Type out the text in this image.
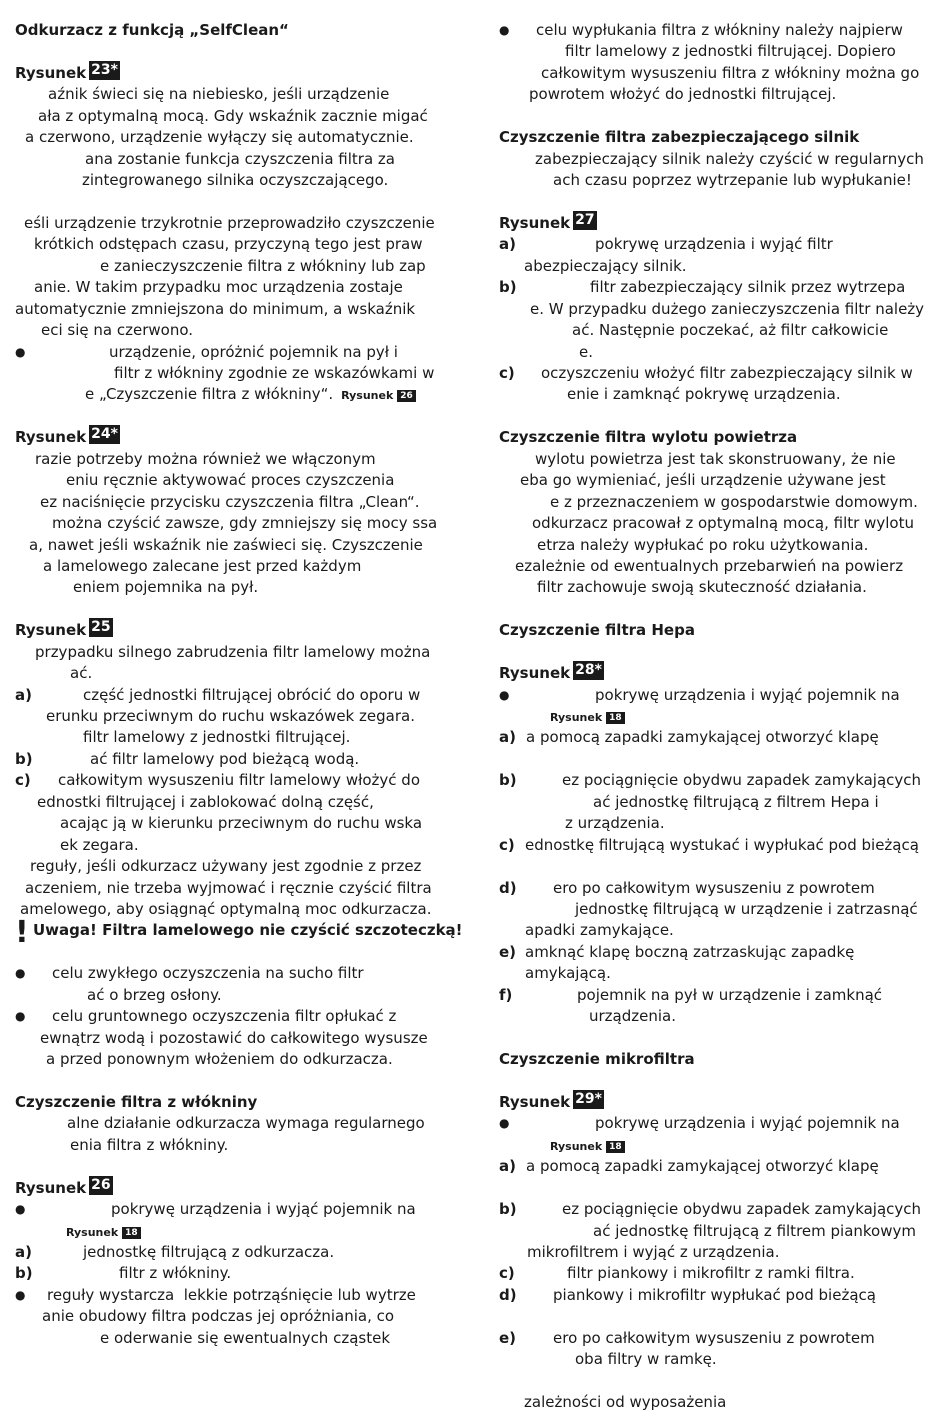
Odkurzacz z funkcją „SelfClean“
Rysunek 23*
aźnik świeci się na niebiesko, jeśli urządzenie
ała z optymalną mocą. Gdy wskaźnik zacznie migać
a czerwono, urządzenie wyłączy się automatycznie.
ana zostanie funkcja czyszczenia filtra za
zintegrowanego silnika oczyszczającego.
eśli urządzenie trzykrotnie przeprowadziło czyszczenie
krótkich odstępach czasu, przyczyną tego jest praw
e zanieczyszczenie filtra z włókniny lub zap
anie. W takim przypadku moc urządzenia zostaje
automatycznie zmniejszona do minimum, a wskaźnik
eci się na czerwono.
●	urządzenie, opróżnić pojemnik na pył i
filtr z włókniny zgodnie ze wskazówkami w
e „Czyszczenie filtra z włókniny“. Rysunek 26
Rysunek 24*
razie potrzeby można również we włączonym
eniu ręcznie aktywować proces czyszczenia
ez naciśnięcie przycisku czyszczenia filtra „Clean“.
można czyścić zawsze, gdy zmniejszy się mocy ssa
a, nawet jeśli wskaźnik nie zaświeci się. Czyszczenie
a lamelowego zalecane jest przed każdym
eniem pojemnika na pył.
Rysunek 25
przypadku silnego zabrudzenia filtr lamelowy można
ać.
a)	część jednostki filtrującej obrócić do oporu w
erunku przeciwnym do ruchu wskazówek zegara.
filtr lamelowy z jednostki filtrującej.
b)	ać filtr lamelowy pod bieżącą wodą.
c) całkowitym wysuszeniu filtr lamelowy włożyć do
ednostki filtrującej i zablokować dolną część,
acając ją w kierunku przeciwnym do ruchu wska
ek zegara.
reguły, jeśli odkurzacz używany jest zgodnie z przez
aczeniem, nie trzeba wyjmować i ręcznie czyścić filtra
amelowego, aby osiągnąć optymalną moc odkurzacza.
! Uwaga! Filtra lamelowego nie czyścić szczoteczką!
● celu zwykłego oczyszczenia na sucho filtr
ać o brzeg osłony.
● celu gruntownego oczyszczenia filtr opłukać z
ewnątrz wodą i pozostawić do całkowitego wysusze
a przed ponownym włożeniem do odkurzacza.
Czyszczenie filtra z włókniny
alne działanie odkurzacza wymaga regularnego
enia filtra z włókniny.
Rysunek 26
●	pokrywę urządzenia i wyjąć pojemnik na
Rysunek 18
a)	jednostkę filtrującą z odkurzacza.
b)	filtr z włókniny.
● reguły wystarcza  lekkie potrząśnięcie lub wytrze
anie obudowy filtra podczas jej opróżniania, co
e oderwanie się ewentualnych cząstek
● celu wypłukania filtra z włókniny należy najpierw
filtr lamelowy z jednostki filtrującej. Dopiero
całkowitym wysuszeniu filtra z włókniny można go
powrotem włożyć do jednostki filtrującej.
Czyszczenie filtra zabezpieczającego silnik
zabezpieczający silnik należy czyścić w regularnych
ach czasu poprzez wytrzepanie lub wypłukanie!
Rysunek 27
a)	pokrywę urządzenia i wyjąć filtr
abezpieczający silnik.
b)	filtr zabezpieczający silnik przez wytrzepa
e. W przypadku dużego zanieczyszczenia filtr należy
ać. Następnie poczekać, aż filtr całkowicie
e.
c) oczyszczeniu włożyć filtr zabezpieczający silnik w
enie i zamknąć pokrywę urządzenia.
Czyszczenie filtra wylotu powietrza
wylotu powietrza jest tak skonstruowany, że nie
eba go wymieniać, jeśli urządzenie używane jest
e z przeznaczeniem w gospodarstwie domowym.
odkurzacz pracował z optymalną mocą, filtr wylotu
etrza należy wypłukać po roku użytkowania.
ezależnie od ewentualnych przebarwień na powierz
filtr zachowuje swoją skuteczność działania.
Czyszczenie filtra Hepa
Rysunek 28*
●	pokrywę urządzenia i wyjąć pojemnik na
Rysunek 18
a) a pomocą zapadki zamykającej otworzyć klapę
b)	ez pociągnięcie obydwu zapadek zamykających
ać jednostkę filtrującą z filtrem Hepa i
z urządzenia.
c) ednostkę filtrującą wystukać i wypłukać pod bieżącą
d) ero po całkowitym wysuszeniu z powrotem
jednostkę filtrującą w urządzenie i zatrzasnąć
apadki zamykające.
e) amknąć klapę boczną zatrzaskując zapadkę
amykającą.
f)	pojemnik na pył w urządzenie i zamknąć
urządzenia.
Czyszczenie mikrofiltra
Rysunek 29*
●	pokrywę urządzenia i wyjąć pojemnik na
Rysunek 18
a) a pomocą zapadki zamykającej otworzyć klapę
b)	ez pociągnięcie obydwu zapadek zamykających
ać jednostkę filtrującą z filtrem piankowym
mikrofiltrem i wyjąć z urządzenia.
c)	filtr piankowy i mikrofiltr z ramki filtra.
d) piankowy i mikrofiltr wypłukać pod bieżącą
e) ero po całkowitym wysuszeniu z powrotem
oba filtry w ramkę.
zależności od wyposażenia
